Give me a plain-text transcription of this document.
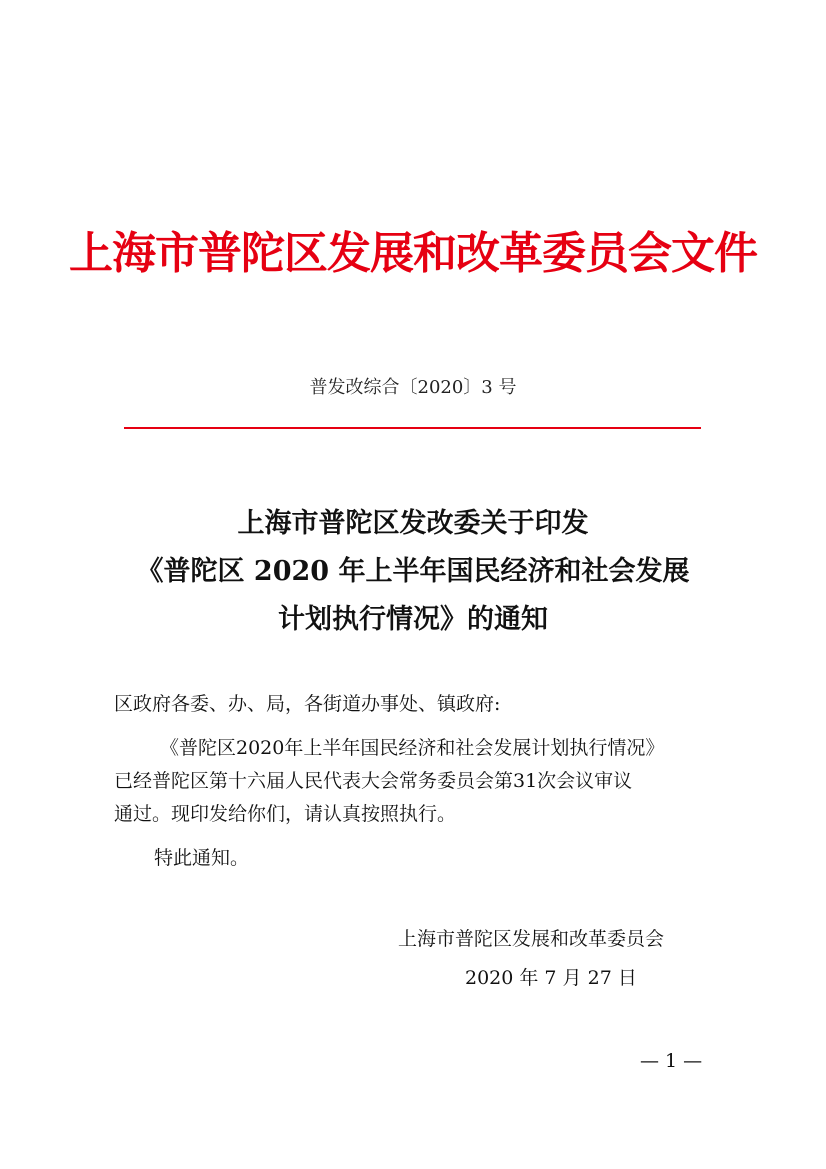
上海市普陀区发展和改革委员会文件
普发改综合〔2020〕3 号
上海市普陀区发改委关于印发
《普陀区 2020 年上半年国民经济和社会发展
计划执行情况》的通知
区政府各委、办、局，各街道办事处、镇政府:
《普陀区2020年上半年国民经济和社会发展计划执行情况》
已经普陀区第十六届人民代表大会常务委员会第31次会议审议
通过。现印发给你们，请认真按照执行。
特此通知。
上海市普陀区发展和改革委员会
2020 年 7 月 27 日
— 1 —
